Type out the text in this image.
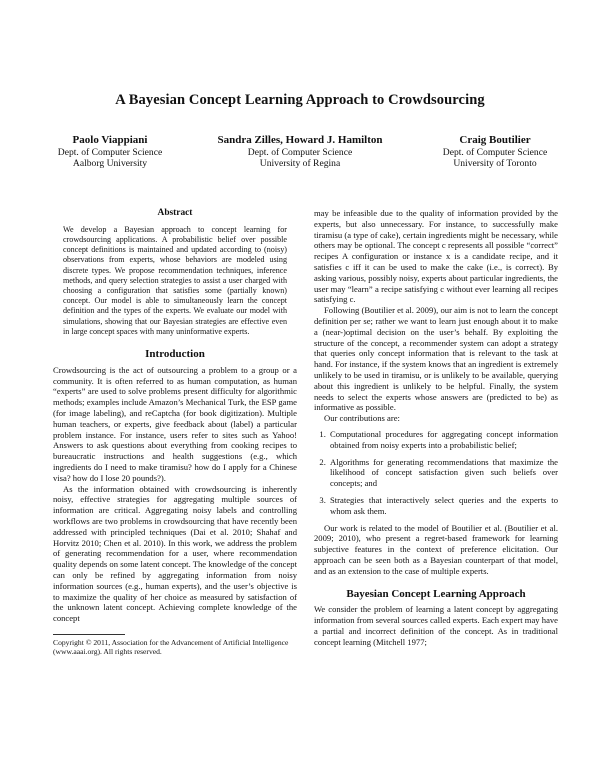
A Bayesian Concept Learning Approach to Crowdsourcing
Paolo Viappiani
Dept. of Computer Science
Aalborg University
Sandra Zilles, Howard J. Hamilton
Dept. of Computer Science
University of Regina
Craig Boutilier
Dept. of Computer Science
University of Toronto
Abstract
We develop a Bayesian approach to concept learning for crowdsourcing applications. A probabilistic belief over possible concept definitions is maintained and updated according to (noisy) observations from experts, whose behaviors are modeled using discrete types. We propose recommendation techniques, inference methods, and query selection strategies to assist a user charged with choosing a configuration that satisfies some (partially known) concept. Our model is able to simultaneously learn the concept definition and the types of the experts. We evaluate our model with simulations, showing that our Bayesian strategies are effective even in large concept spaces with many uninformative experts.
Introduction

Crowdsourcing is the act of outsourcing a problem to a group or a community. It is often referred to as human computation, as human “experts” are used to solve problems present difficulty for algorithmic methods; examples include Amazon’s Mechanical Turk, the ESP game (for image labeling), and reCaptcha (for book digitization). Multiple human teachers, or experts, give feedback about (label) a particular problem instance. For instance, users refer to sites such as Yahoo! Answers to ask questions about everything from cooking recipes to bureaucratic instructions and health suggestions (e.g., which ingredients do I need to make tiramisu? how do I apply for a Chinese visa? how do I lose 20 pounds?).

As the information obtained with crowdsourcing is inherently noisy, effective strategies for aggregating multiple sources of information are critical. Aggregating noisy labels and controlling workflows are two problems in crowdsourcing that have recently been addressed with principled techniques (Dai et al. 2010; Shahaf and Horvitz 2010; Chen et al. 2010). In this work, we address the problem of generating recommendation for a user, where recommendation quality depends on some latent concept. The knowledge of the concept can only be refined by aggregating information from noisy information sources (e.g., human experts), and the user’s objective is to maximize the quality of her choice as measured by satisfaction of the unknown latent concept. Achieving complete knowledge of the concept

Copyright © 2011, Association for the Advancement of Artificial Intelligence (www.aaai.org). All rights reserved.

may be infeasible due to the quality of information provided by the experts, but also unnecessary. For instance, to successfully make tiramisu (a type of cake), certain ingredients might be necessary, while others may be optional. The concept c represents all possible “correct” recipes A configuration or instance x is a candidate recipe, and it satisfies c iff it can be used to make the cake (i.e., is correct). By asking various, possibly noisy, experts about particular ingredients, the user may “learn” a recipe satisfying c without ever learning all recipes satisfying c.

Following (Boutilier et al. 2009), our aim is not to learn the concept definition per se; rather we want to learn just enough about it to make a (near-)optimal decision on the user’s behalf. By exploiting the structure of the concept, a recommender system can adopt a strategy that queries only concept information that is relevant to the task at hand. For instance, if the system knows that an ingredient is extremely unlikely to be used in tiramisu, or is unlikely to be available, querying about this ingredient is unlikely to be helpful. Finally, the system needs to select the experts whose answers are (predicted to be) as informative as possible.

Our contributions are:

1. Computational procedures for aggregating concept information obtained from noisy experts into a probabilistic belief;
2. Algorithms for generating recommendations that maximize the likelihood of concept satisfaction given such beliefs over concepts; and
3. Strategies that interactively select queries and the experts to whom ask them.

Our work is related to the model of Boutilier et al. (Boutilier et al. 2009; 2010), who present a regret-based framework for learning subjective features in the context of preference elicitation. Our approach can be seen both as a Bayesian counterpart of that model, and as an extension to the case of multiple experts.

Bayesian Concept Learning Approach

We consider the problem of learning a latent concept by aggregating information from several sources called experts. Each expert may have a partial and incorrect definition of the concept. As in traditional concept learning (Mitchell 1977;
